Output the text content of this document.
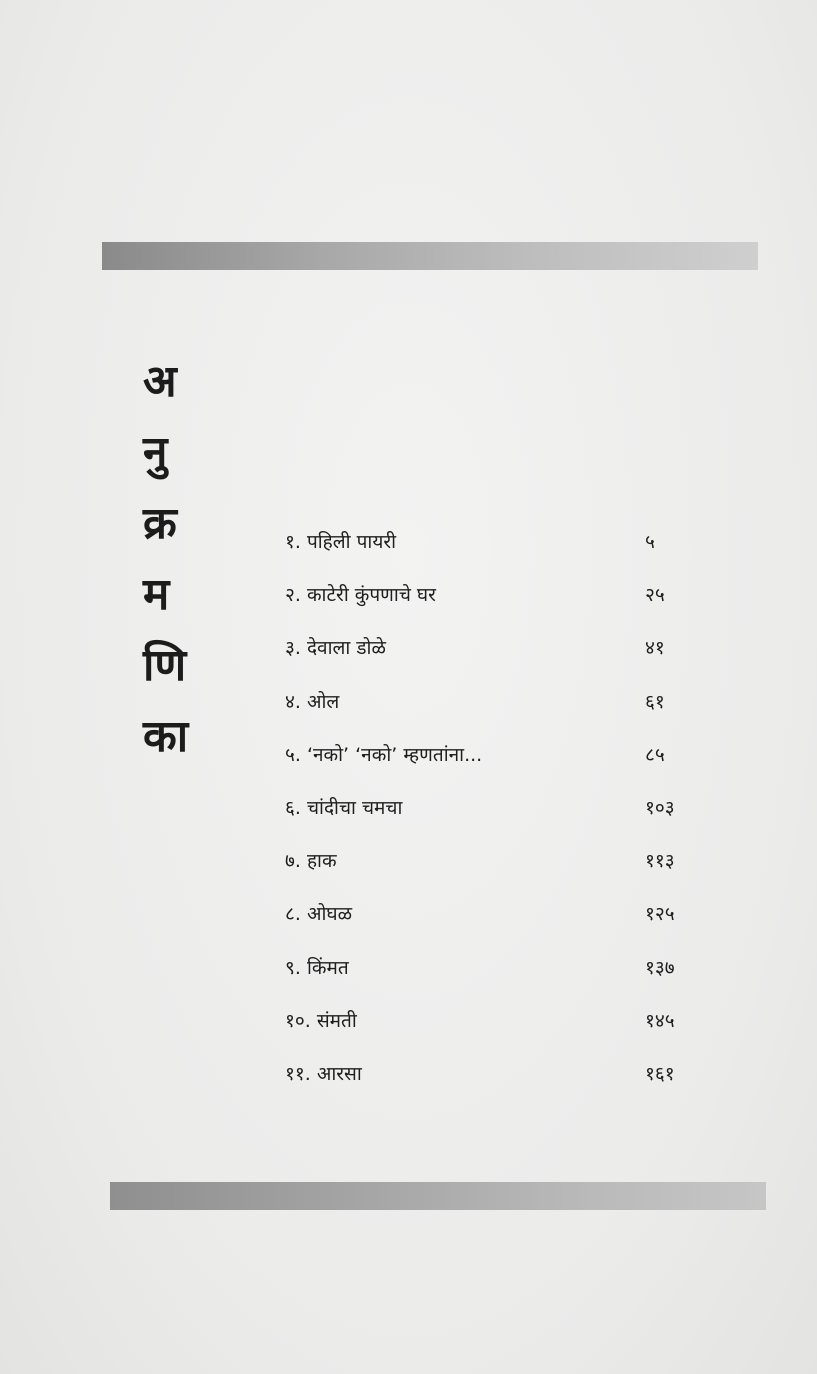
अ
नु
क्र
म
णि
का
१. पहिली पायरी	५
२. काटेरी कुंपणाचे घर	२५
३. देवाला डोळे	४१
४. ओल	६१
५. ‘नको’ ‘नको’ म्हणतांना...	८५
६. चांदीचा चमचा	१०३
७. हाक	११३
८. ओघळ	१२५
९. किंमत	१३७
१०. संमती	१४५
११. आरसा	१६१
